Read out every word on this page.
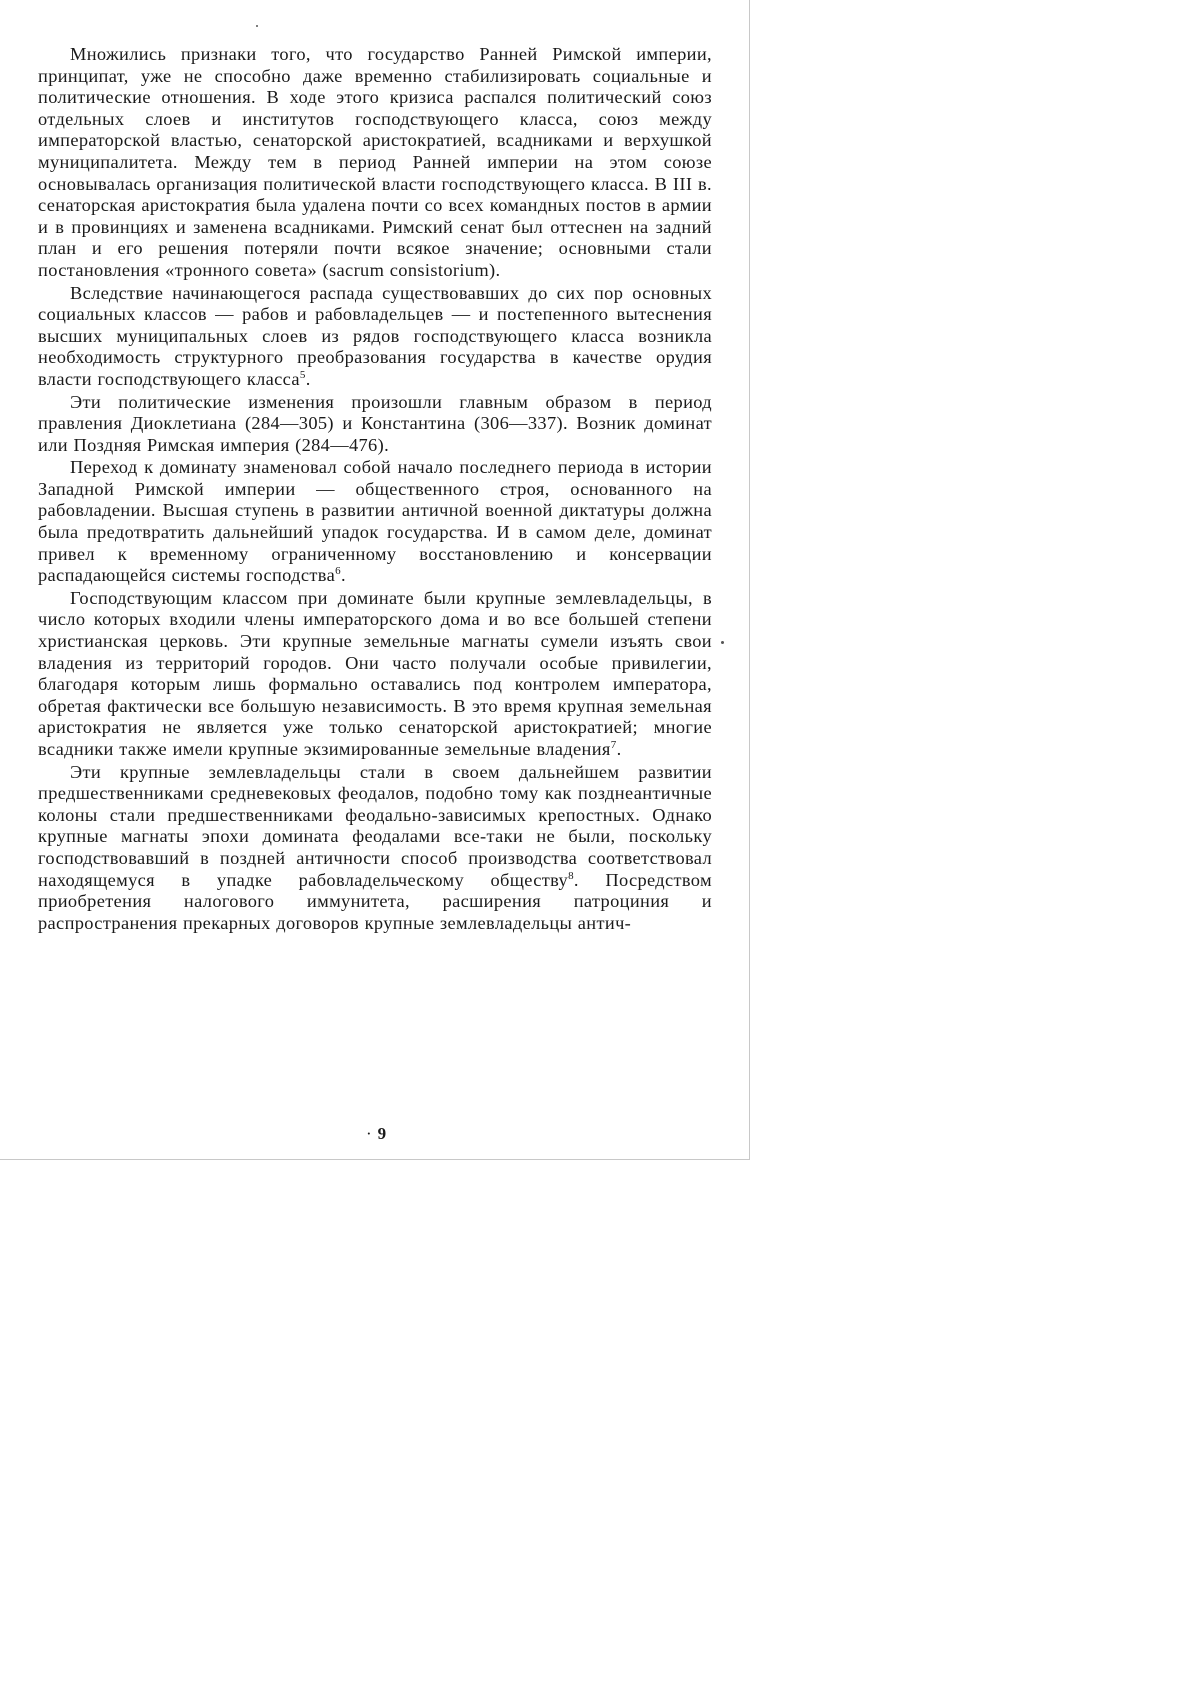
Множились признаки того, что государство Ранней Римской империи, принципат, уже не способно даже временно стабилизировать социальные и политические отношения. В ходе этого кризиса распался политический союз отдельных слоев и институтов господствующего класса, союз между императорской властью, сенаторской аристократией, всадниками и верхушкой муниципалитета. Между тем в период Ранней империи на этом союзе основывалась организация политической власти господствующего класса. В III в. сенаторская аристократия была удалена почти со всех командных постов в армии и в провинциях и заменена всадниками. Римский сенат был оттеснен на задний план и его решения потеряли почти всякое значение; основными стали постановления «тронного совета» (sacrum consistorium).

Вследствие начинающегося распада существовавших до сих пор основных социальных классов — рабов и рабовладельцев — и постепенного вытеснения высших муниципальных слоев из рядов господствующего класса возникла необходимость структурного преобразования государства в качестве орудия власти господствующего класса$^5$.

Эти политические изменения произошли главным образом в период правления Диоклетиана (284—305) и Константина (306—337). Возник доминат или Поздняя Римская империя (284—476).

Переход к доминату знаменовал собой начало последнего периода в истории Западной Римской империи — общественного строя, основанного на рабовладении. Высшая ступень в развитии античной военной диктатуры должна была предотвратить дальнейший упадок государства. И в самом деле, доминат привел к временному ограниченному восстановлению и консервации распадающейся системы господства$^6$.

Господствующим классом при доминате были крупные землевладельцы, в число которых входили члены императорского дома и во все большей степени христианская церковь. Эти крупные земельные магнаты сумели изъять свои владения из территорий городов. Они часто получали особые привилегии, благодаря которым лишь формально оставались под контролем императора, обретая фактически все большую независимость. В это время крупная земельная аристократия не является уже только сенаторской аристократией; многие всадники также имели крупные экзимированные земельные владения$^7$.

Эти крупные землевладельцы стали в своем дальнейшем развитии предшественниками средневековых феодалов, подобно тому как позднеантичные колоны стали предшественниками феодально-зависимых крепостных. Однако крупные магнаты эпохи домината феодалами все-таки не были, поскольку господствовавший в поздней античности способ производства соответствовал находящемуся в упадке рабовладельческому обществу$^8$. Посредством приобретения налогового иммунитета, расширения патроциния и распространения прекарных договоров крупные землевладельцы антич-

· 9
